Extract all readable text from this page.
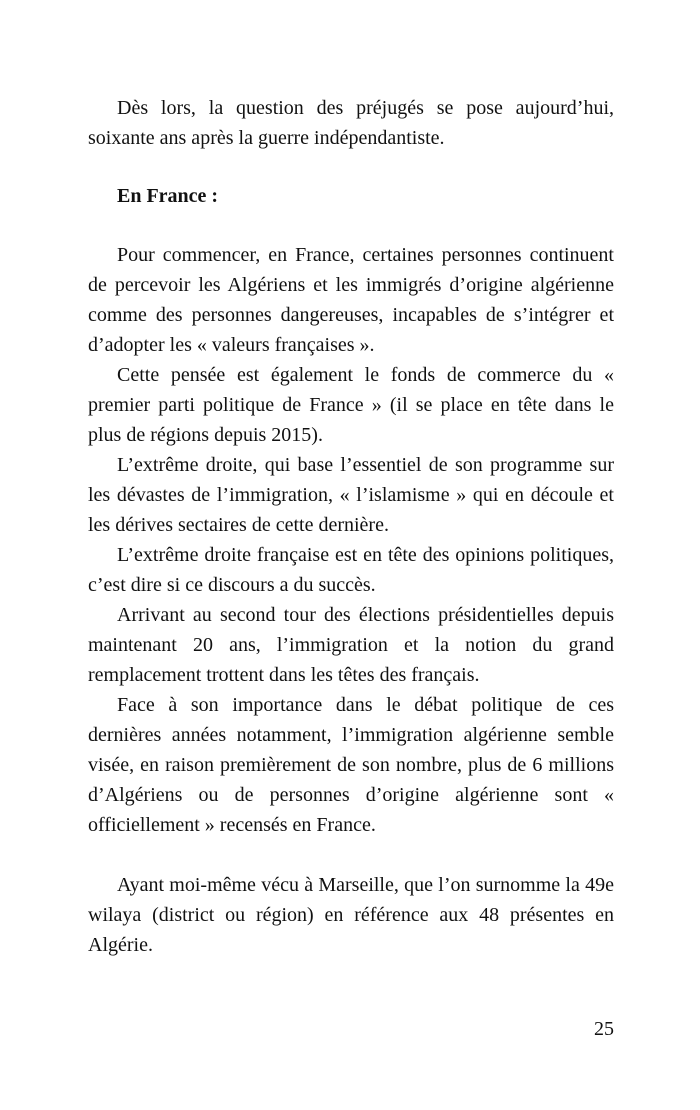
Dès lors, la question des préjugés se pose aujourd’hui, soixante ans après la guerre indépendantiste.

En France :

Pour commencer, en France, certaines personnes continuent de percevoir les Algériens et les immigrés d’origine algérienne comme des personnes dangereuses, incapables de s’intégrer et d’adopter les « valeurs françaises ».

Cette pensée est également le fonds de commerce du « premier parti politique de France » (il se place en tête dans le plus de régions depuis 2015).

L’extrême droite, qui base l’essentiel de son programme sur les dévastes de l’immigration, « l’islamisme » qui en découle et les dérives sectaires de cette dernière.

L’extrême droite française est en tête des opinions politiques, c’est dire si ce discours a du succès.

Arrivant au second tour des élections présidentielles depuis maintenant 20 ans, l’immigration et la notion du grand remplacement trottent dans les têtes des français.

Face à son importance dans le débat politique de ces dernières années notamment, l’immigration algérienne semble visée, en raison premièrement de son nombre, plus de 6 millions d’Algériens ou de personnes d’origine algérienne sont « officiellement » recensés en France.

Ayant moi-même vécu à Marseille, que l’on surnomme la 49e wilaya (district ou région) en référence aux 48 présentes en Algérie.

25
